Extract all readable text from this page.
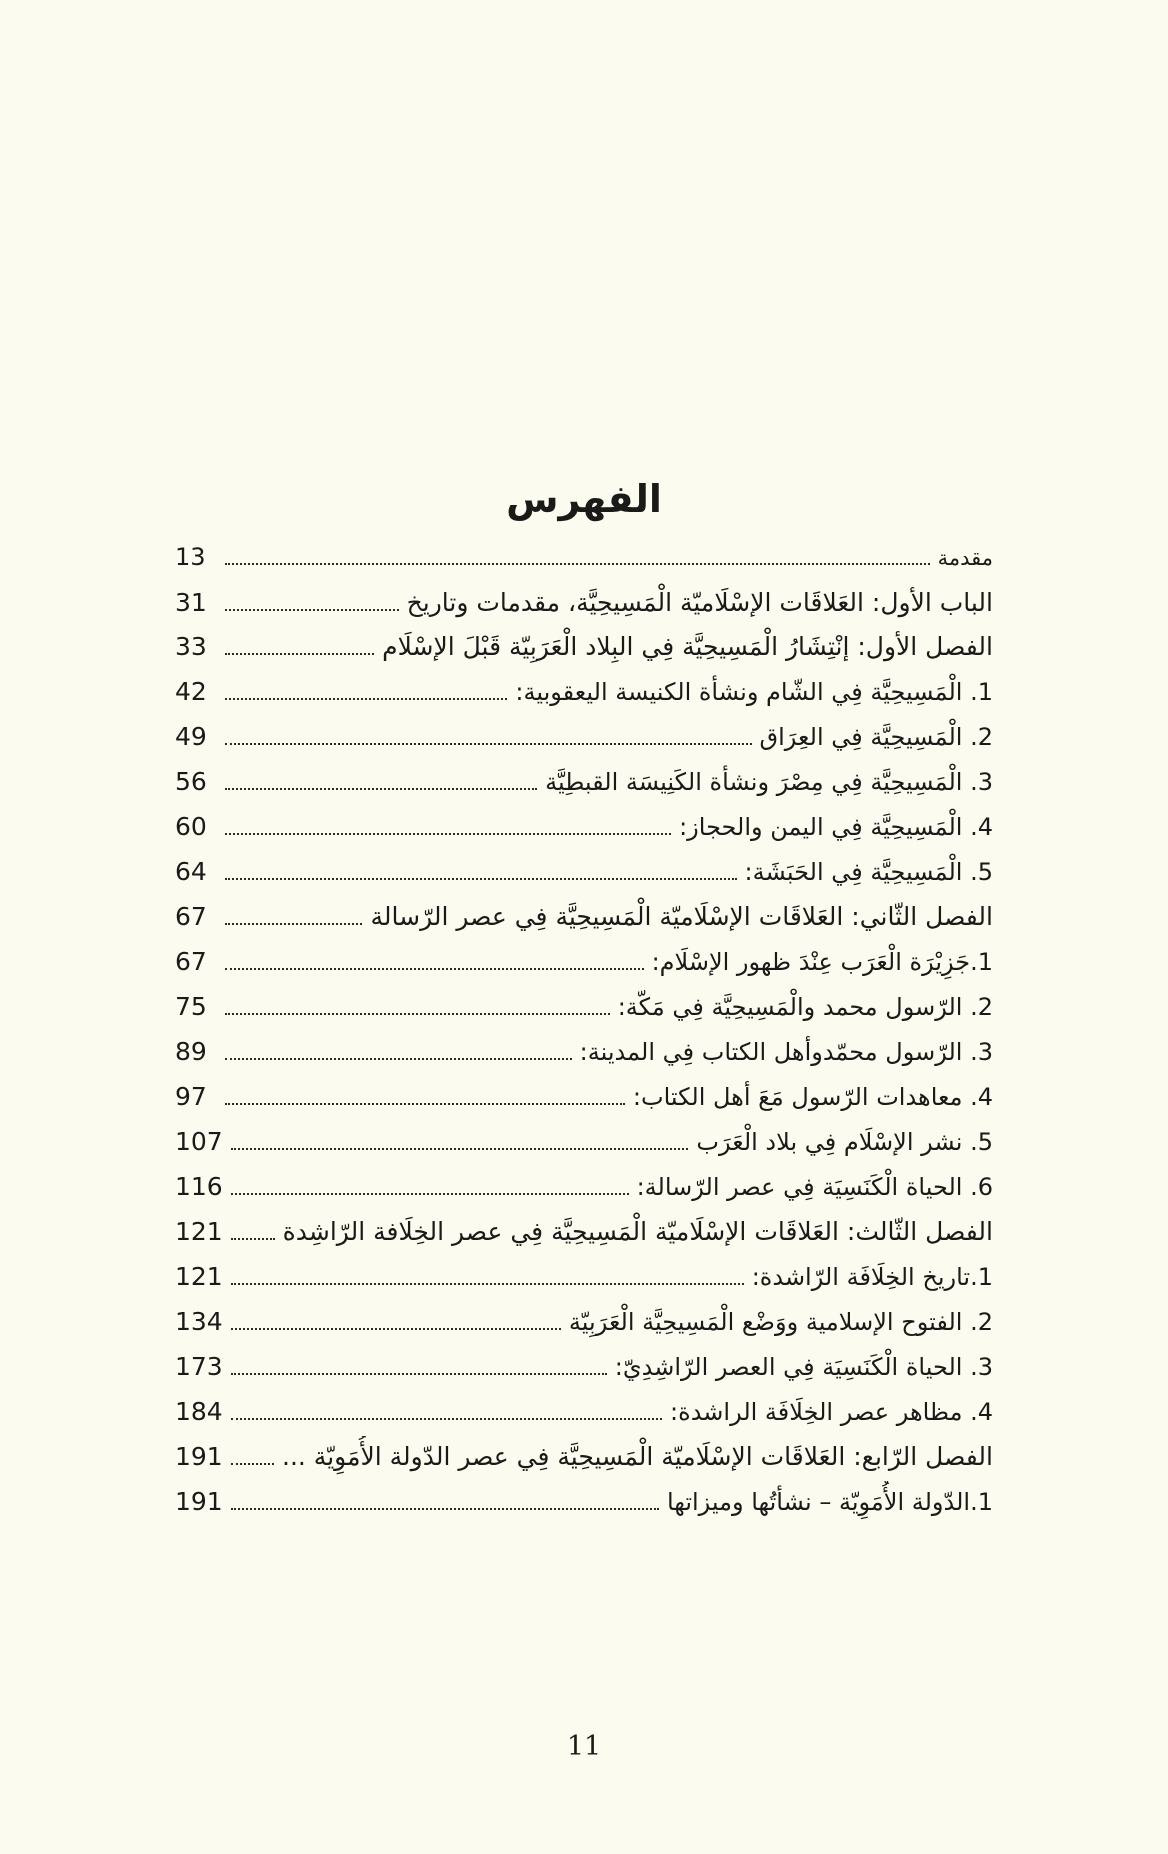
الفهرس
مقدمة
13
الباب الأول: العَلاقَات الإسْلَاميّة الْمَسِيحِيَّة، مقدمات وتاريخ
31
الفصل الأول: إنْتِشَارُ الْمَسِيحِيَّة فِي البِلاد الْعَرَبِيّة قَبْلَ الإسْلَام
33
1. الْمَسِيحِيَّة فِي الشّام ونشأة الكنيسة اليعقوبية:
42
2. الْمَسِيحِيَّة فِي العِرَاق
49
3. الْمَسِيحِيَّة فِي مِصْرَ ونشأة الكَنِيسَة القبطِيَّة
56
4. الْمَسِيحِيَّة فِي اليمن والحجاز:
60
5. الْمَسِيحِيَّة فِي الحَبَشَة:
64
الفصل الثّاني: العَلاقَات الإسْلَاميّة الْمَسِيحِيَّة فِي عصر الرّسالة
67
1.جَزِيْرَة الْعَرَب عِنْدَ ظهور الإسْلَام:
67
2. الرّسول محمد والْمَسِيحِيَّة فِي مَكّة:
75
3. الرّسول محمّدوأهل الكتاب فِي المدينة:
89
4. معاهدات الرّسول مَعَ أهل الكتاب:
97
5. نشر الإسْلَام فِي بلاد الْعَرَب
107
6. الحياة الْكَنَسِيَة فِي عصر الرّسالة:
116
الفصل الثّالث: العَلاقَات الإسْلَاميّة الْمَسِيحِيَّة فِي عصر الخِلَافة الرّاشِدة
121
1.تاريخ الخِلَافَة الرّاشدة:
121
2. الفتوح الإسلامية ووَضْع الْمَسِيحِيَّة الْعَرَبِيّة
134
3. الحياة الْكَنَسِيَة فِي العصر الرّاشِدِيّ:
173
4. مظاهر عصر الخِلَافَة الراشدة:
184
الفصل الرّابع: العَلاقَات الإسْلَاميّة الْمَسِيحِيَّة فِي عصر الدّولة الأُمَوِيّة ...
191
1.الدّولة الأُمَوِيّة – نشأتُها وميزاتها
191
11
